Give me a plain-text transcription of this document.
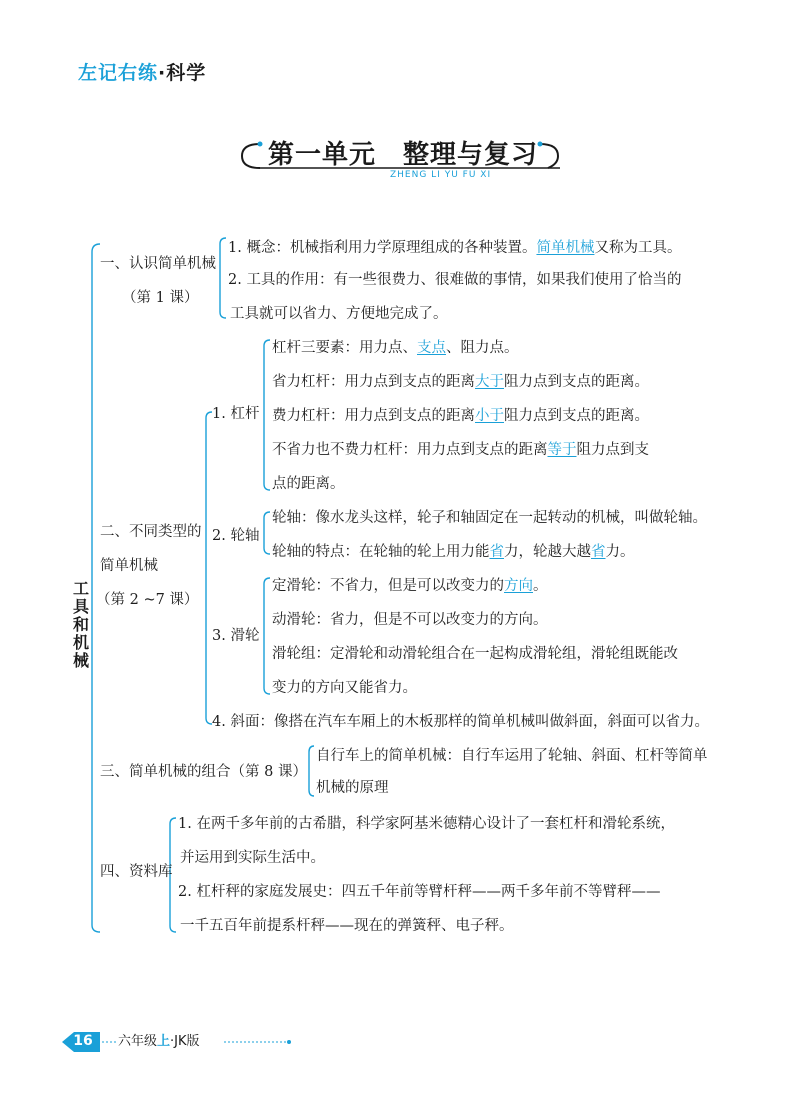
左记右练·科学
第一单元　整理与复习
ZHENG LI YU FU XI
工
具
和
机
械
一、认识简单机械
（第 1 课）
1. 概念：机械指利用力学原理组成的各种装置。简单机械又称为工具。
2. 工具的作用：有一些很费力、很难做的事情，如果我们使用了恰当的
工具就可以省力、方便地完成了。
二、不同类型的
简单机械
（第 2 ~7 课）
1. 杠杆
杠杆三要素：用力点、支点、阻力点。
省力杠杆：用力点到支点的距离大于阻力点到支点的距离。
费力杠杆：用力点到支点的距离小于阻力点到支点的距离。
不省力也不费力杠杆：用力点到支点的距离等于阻力点到支
点的距离。
2. 轮轴
轮轴：像水龙头这样，轮子和轴固定在一起转动的机械，叫做轮轴。
轮轴的特点：在轮轴的轮上用力能省力，轮越大越省力。
3. 滑轮
定滑轮：不省力，但是可以改变力的方向。
动滑轮：省力，但是不可以改变力的方向。
滑轮组：定滑轮和动滑轮组合在一起构成滑轮组，滑轮组既能改
变力的方向又能省力。
4. 斜面：像搭在汽车车厢上的木板那样的简单机械叫做斜面，斜面可以省力。
三、简单机械的组合（第 8 课）
自行车上的简单机械：自行车运用了轮轴、斜面、杠杆等简单
机械的原理
四、资料库
1. 在两千多年前的古希腊，科学家阿基米德精心设计了一套杠杆和滑轮系统，
并运用到实际生活中。
2. 杠杆秤的家庭发展史：四五千年前等臂杆秤——两千多年前不等臂秤——
一千五百年前提系杆秤——现在的弹簧秤、电子秤。
16	六年级上·JK版
